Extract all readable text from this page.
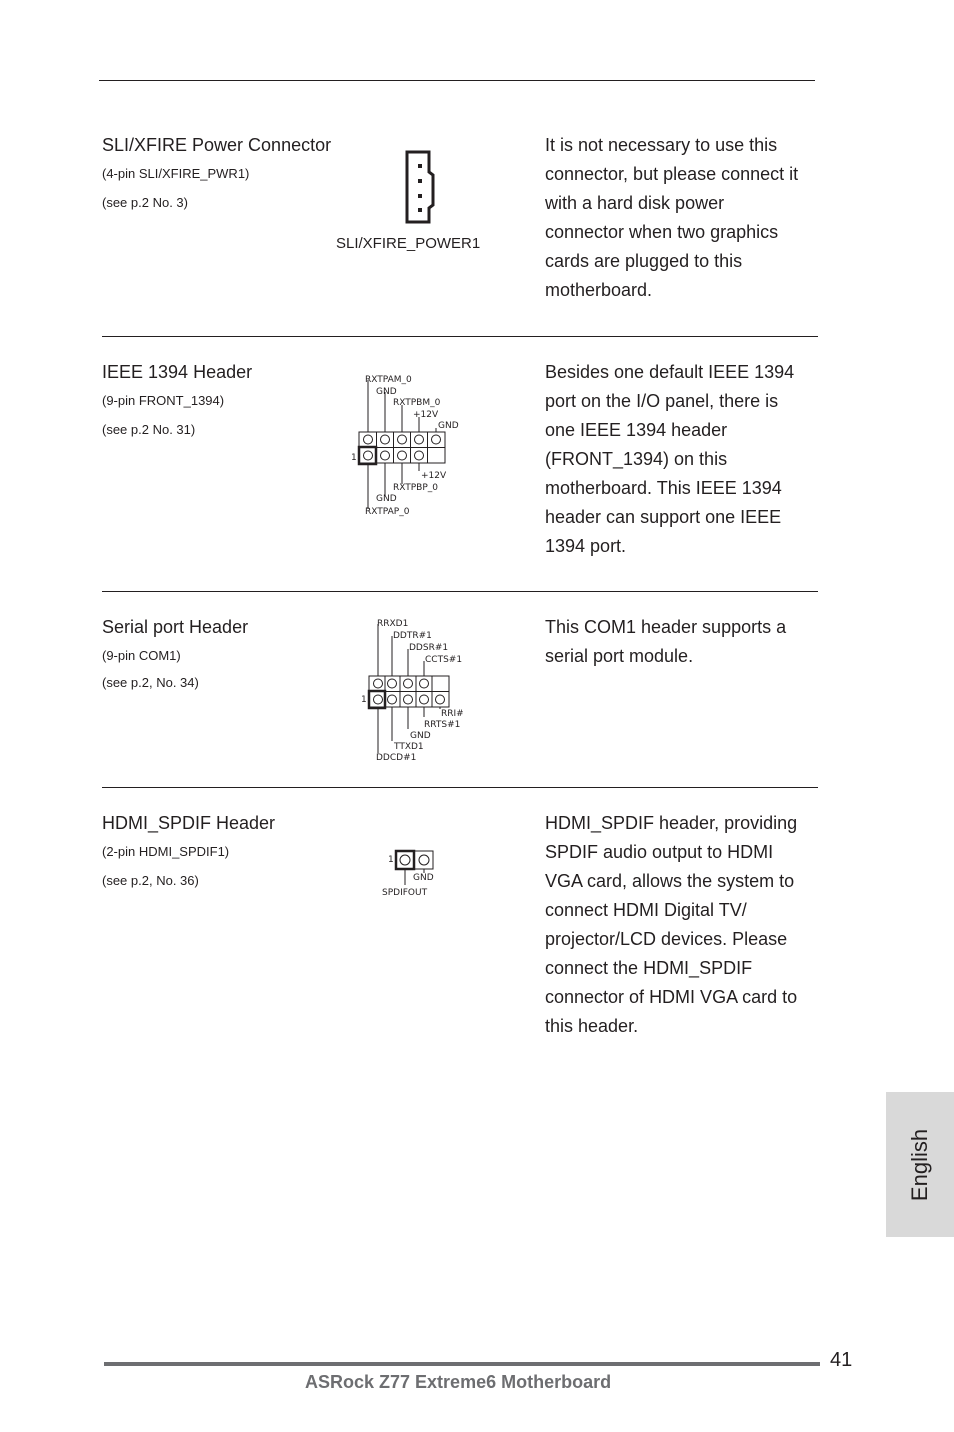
SLI/XFIRE Power Connector
(4-pin SLI/XFIRE_PWR1)
(see p.2 No. 3)
SLI/XFIRE_POWER1
It is not necessary to use this
connector, but please connect it
with a hard disk power
connector when two graphics
cards are plugged to this
motherboard.
IEEE 1394 Header
(9-pin FRONT_1394)
(see p.2 No. 31)
RXTPAM_0
GND
RXTPBM_0
+12V
GND
1
+12V
RXTPBP_0
GND
RXTPAP_0
Besides one default IEEE 1394
port on the I/O panel, there is
one IEEE 1394 header
(FRONT_1394) on this
motherboard. This IEEE 1394
header can support one IEEE
1394 port.
Serial port Header
(9-pin COM1)
(see p.2, No. 34)
RRXD1
DDTR#1
DDSR#1
CCTS#1
1
RRI#
RRTS#1
GND
TTXD1
DDCD#1
This COM1 header supports a
serial port module.
HDMI_SPDIF Header
(2-pin HDMI_SPDIF1)
(see p.2, No. 36)
1
GND
SPDIFOUT
HDMI_SPDIF header, providing
SPDIF audio output to HDMI
VGA card, allows the system to
connect HDMI Digital TV/
projector/LCD devices. Please
connect the HDMI_SPDIF
connector of HDMI VGA card to
this header.
English
41
ASRock Z77 Extreme6 Motherboard
